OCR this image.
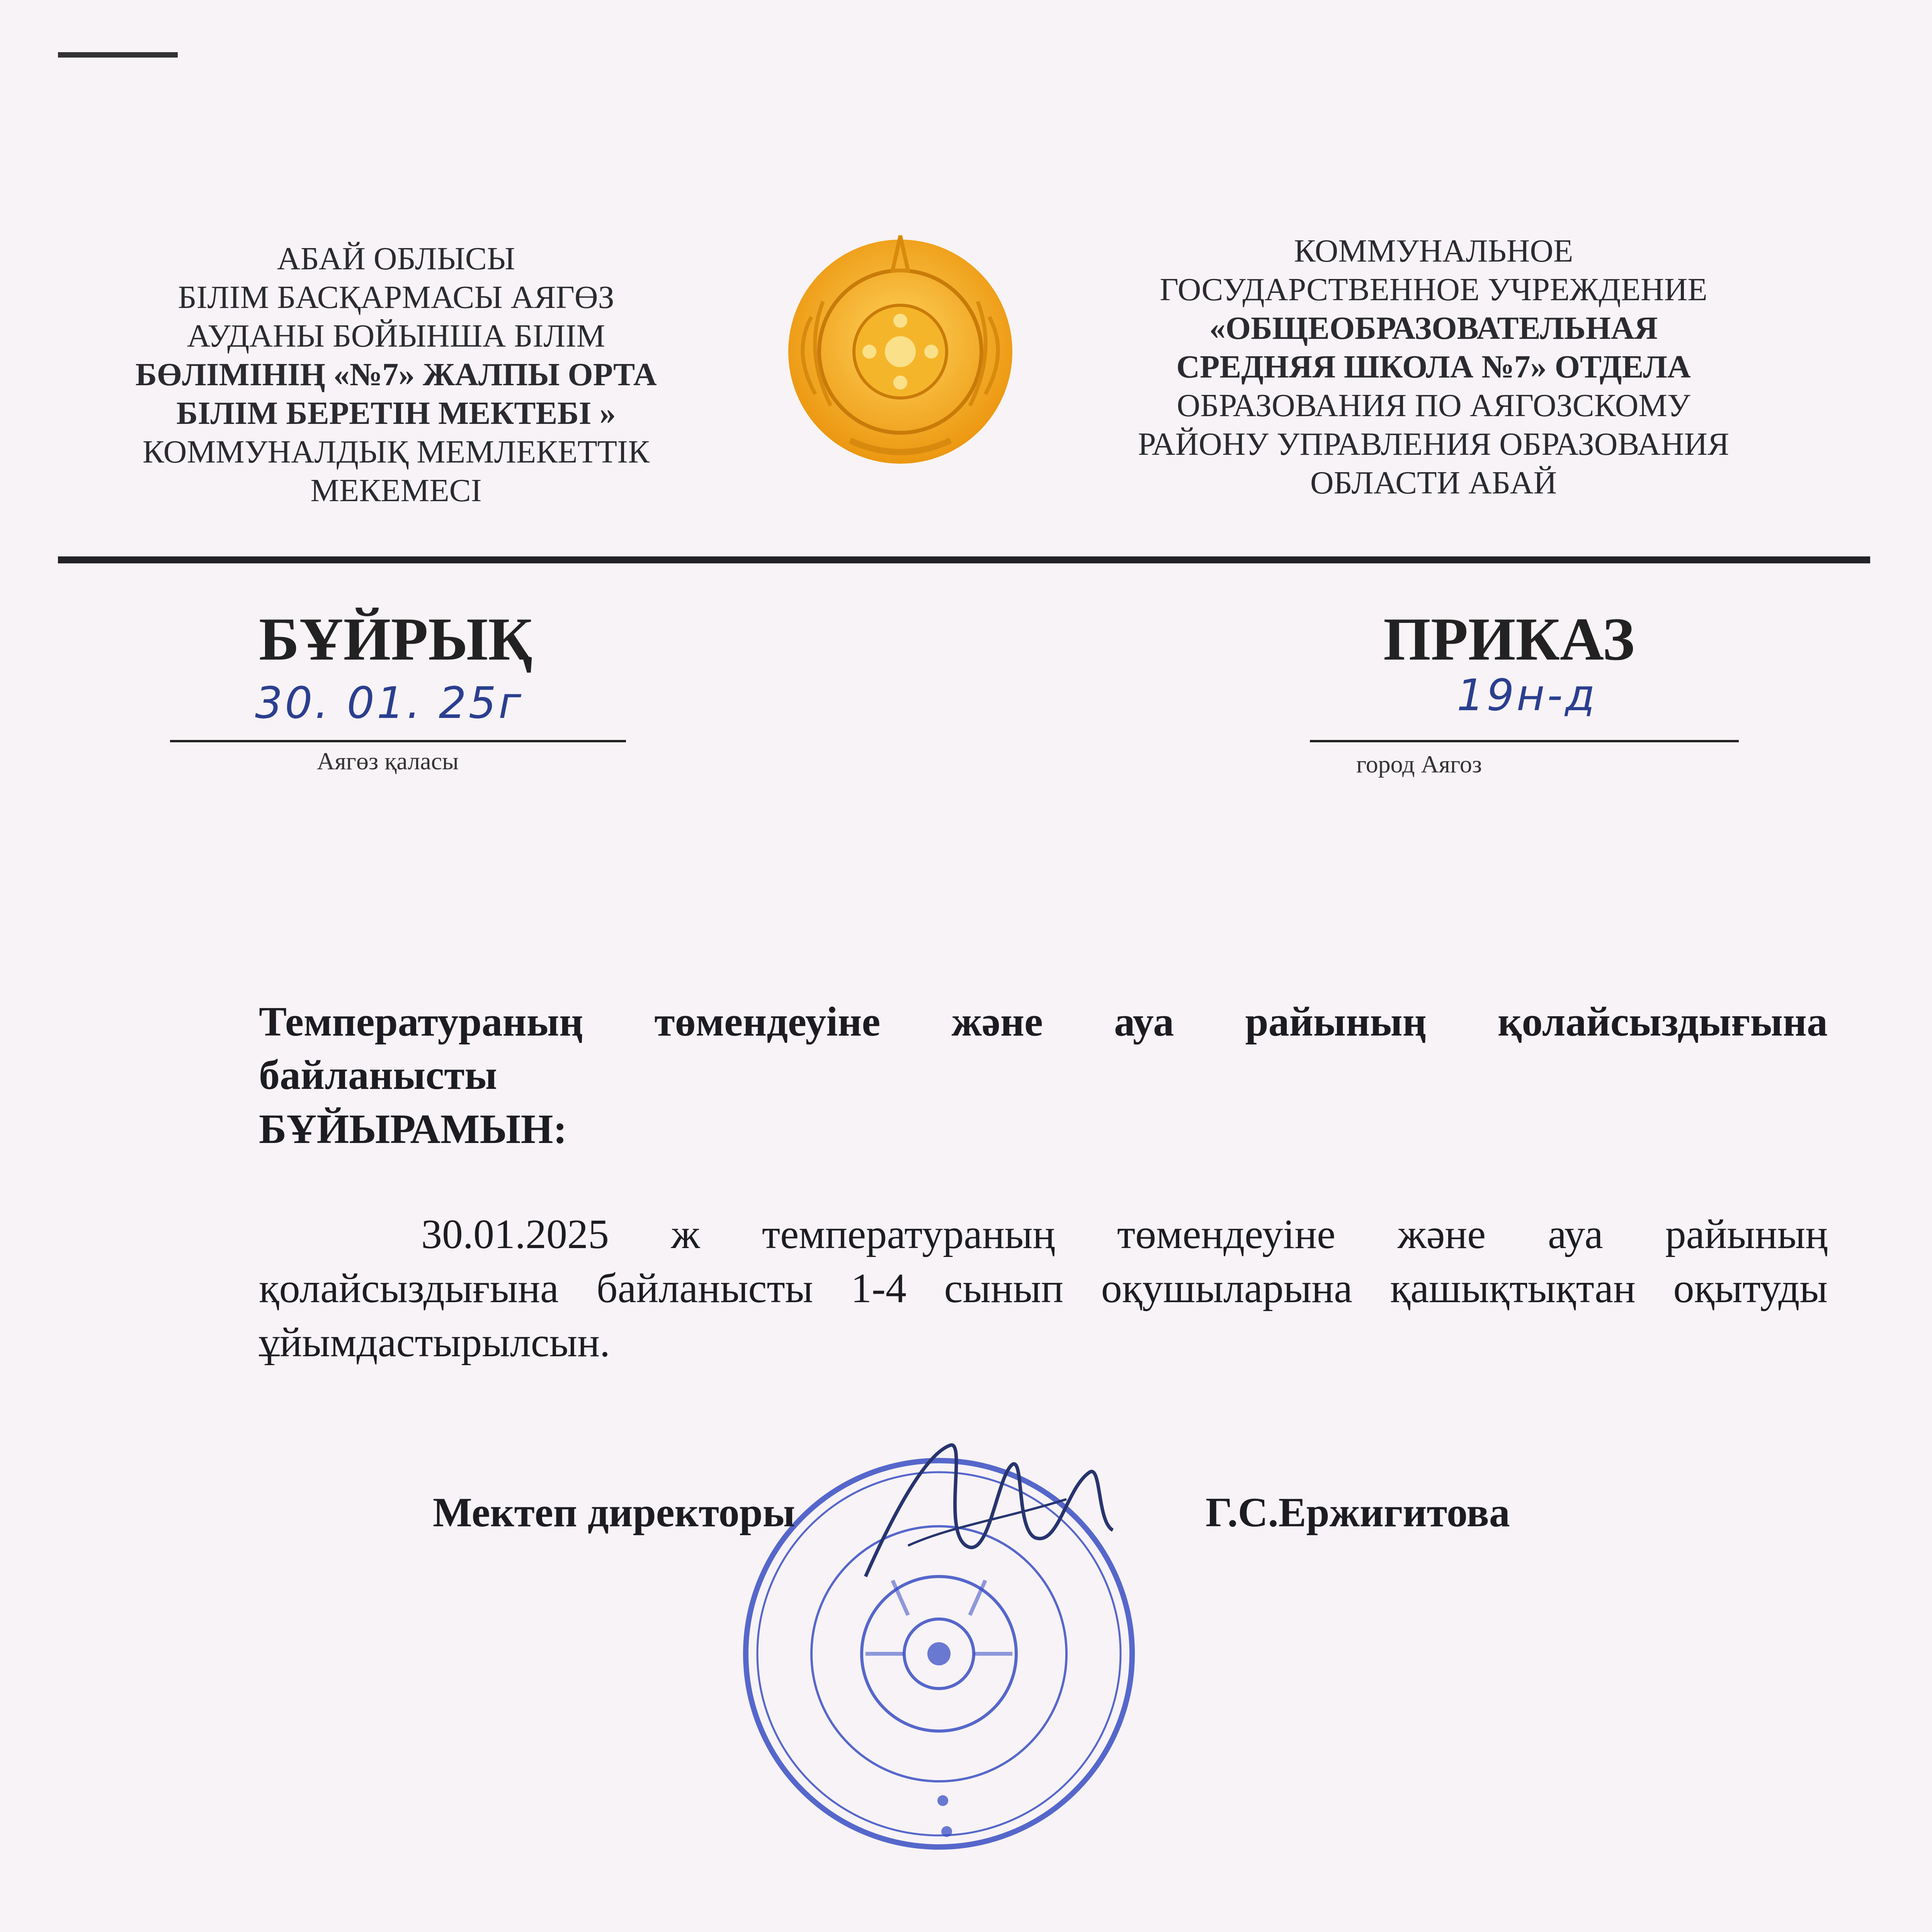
АБАЙ ОБЛЫСЫ
БІЛІМ БАСҚАРМАСЫ АЯГӨЗ
АУДАНЫ БОЙЫНША БІЛІМ
БӨЛІМІНІҢ «№7» ЖАЛПЫ ОРТА
БІЛІМ БЕРЕТІН МЕКТЕБІ »
КОММУНАЛДЫҚ МЕМЛЕКЕТТІК
МЕКЕМЕСІ
КОММУНАЛЬНОЕ
ГОСУДАРСТВЕННОЕ УЧРЕЖДЕНИЕ
«ОБЩЕОБРАЗОВАТЕЛЬНАЯ
СРЕДНЯЯ ШКОЛА №7» ОТДЕЛА
ОБРАЗОВАНИЯ ПО АЯГОЗСКОМУ
РАЙОНУ УПРАВЛЕНИЯ ОБРАЗОВАНИЯ
ОБЛАСТИ АБАЙ
БҰЙРЫҚ	ПРИКАЗ
30. 01. 25г
Аягөз қаласы
19н-д
город Аягоз
Температураның төмендеуіне және ауа райының қолайсыздығына
байланысты
БҰЙЫРАМЫН:
30.01.2025 ж температураның төмендеуіне және ауа райының қолайсыздығына байланысты 1-4 сынып оқушыларына қашықтықтан оқытуды ұйымдастырылсын.
Мектеп директоры	Г.С.Ержигитова
